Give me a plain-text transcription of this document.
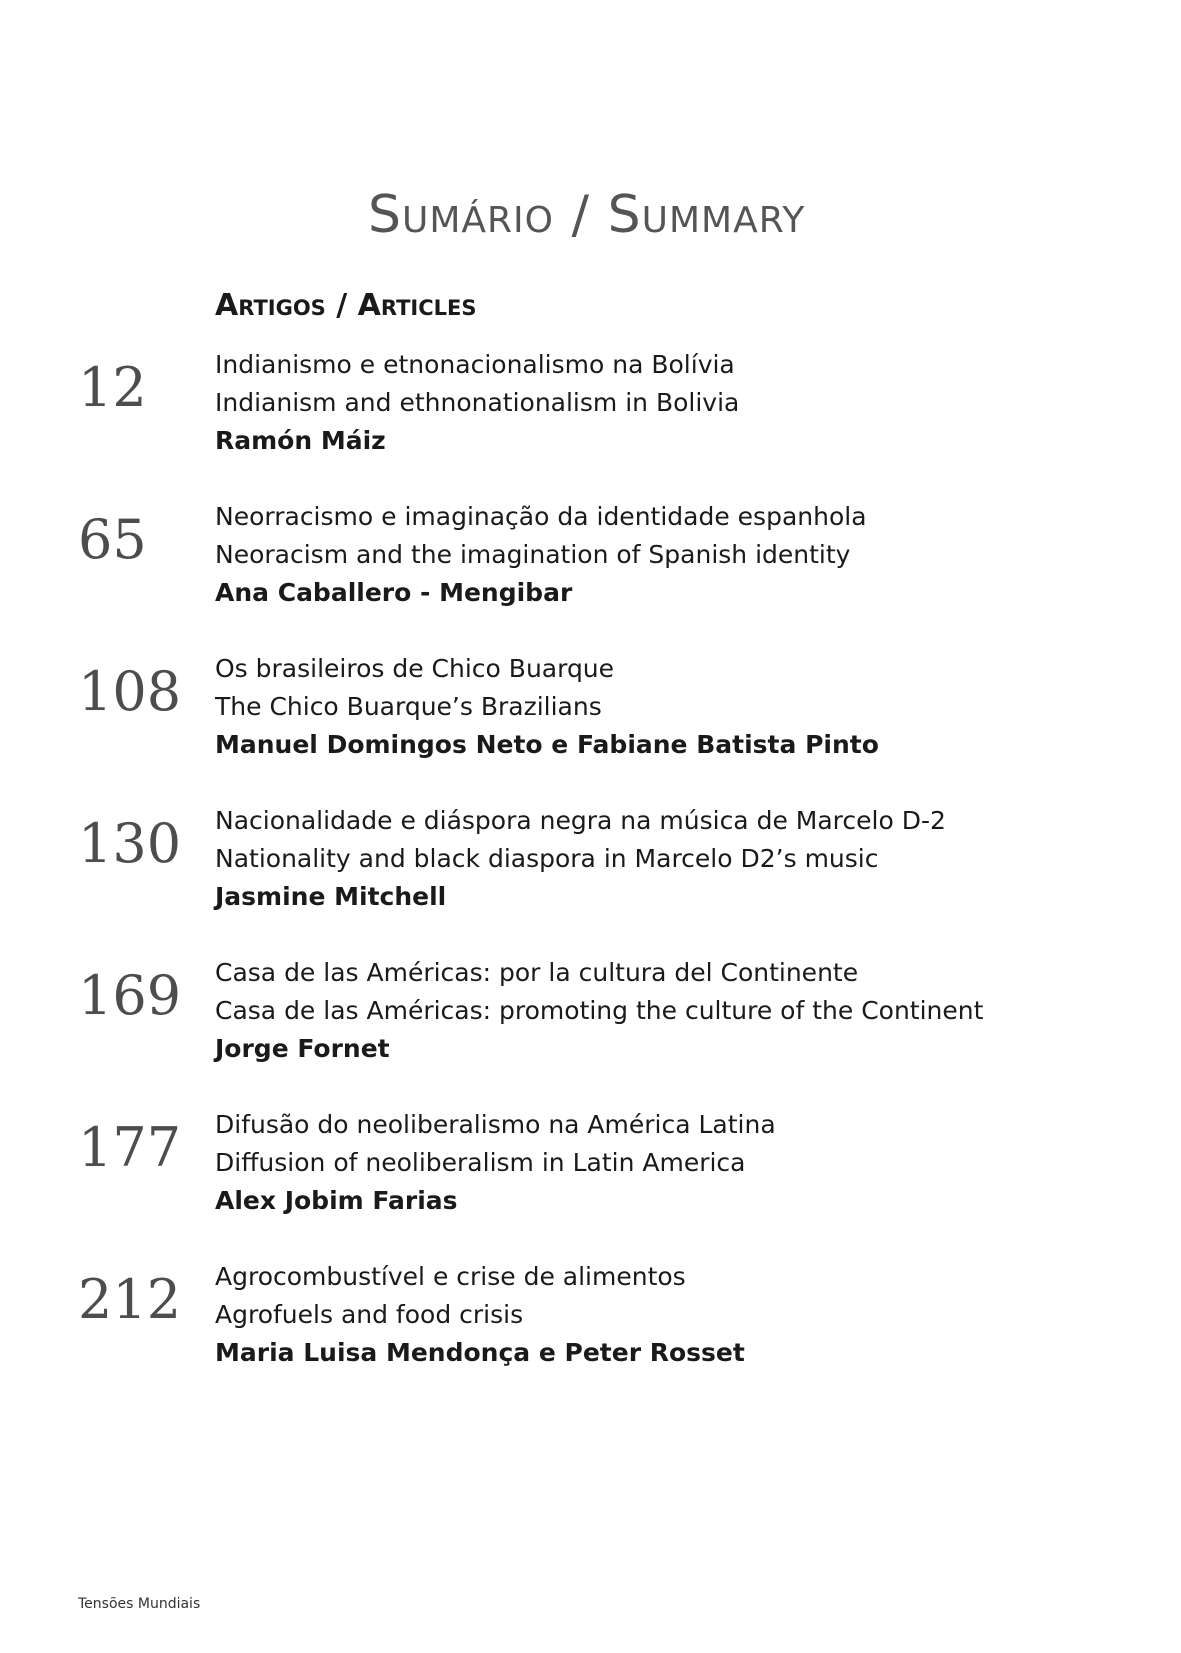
Sumário / Summary
Artigos / Articles
12	Indianismo e etnonacionalismo na Bolívia
Indianism and ethnonationalism in Bolivia
Ramón Máiz
65	Neorracismo e imaginação da identidade espanhola
Neoracism and the imagination of Spanish identity
Ana Caballero - Mengibar
108 Os brasileiros de Chico Buarque
The Chico Buarque’s Brazilians
Manuel Domingos Neto e Fabiane Batista Pinto
130 Nacionalidade e diáspora negra na música de Marcelo D-2
Nationality and black diaspora in Marcelo D2’s music
Jasmine Mitchell
169 Casa de las Américas: por la cultura del Continente
Casa de las Américas: promoting the culture of the Continent
Jorge Fornet
177 Difusão do neoliberalismo na América Latina
Diffusion of neoliberalism in Latin America
Alex Jobim Farias
212 Agrocombustível e crise de alimentos
Agrofuels and food crisis
Maria Luisa Mendonça e Peter Rosset
Tensões Mundiais
